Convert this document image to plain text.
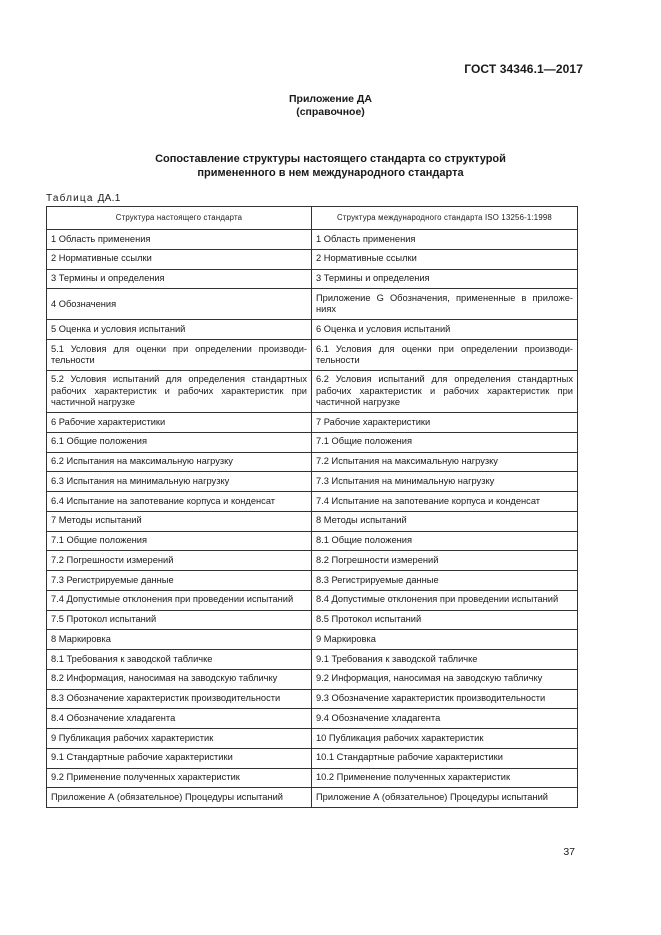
ГОСТ 34346.1—2017
Приложение ДА
(справочное)
Сопоставление структуры настоящего стандарта со структурой
примененного в нем международного стандарта
Таблица ДА.1
Структура настоящего стандарта	Структура международного стандарта ISO 13256-1:1998
1 Область применения	1 Область применения
2 Нормативные ссылки	2 Нормативные ссылки
3 Термины и определения	3 Термины и определения
4 Обозначения	Приложение G Обозначения, примененные в приложе-ниях
5 Оценка и условия испытаний	6 Оценка и условия испытаний
5.1 Условия для оценки при определении производи-тельности	6.1 Условия для оценки при определении производи-тельности
5.2 Условия испытаний для определения стандартных рабочих характеристик и рабочих характеристик при частичной нагрузке	6.2 Условия испытаний для определения стандартных рабочих характеристик и рабочих характеристик при частичной нагрузке
6 Рабочие характеристики	7 Рабочие характеристики
6.1 Общие положения	7.1 Общие положения
6.2 Испытания на максимальную нагрузку	7.2 Испытания на максимальную нагрузку
6.3 Испытания на минимальную нагрузку	7.3 Испытания на минимальную нагрузку
6.4 Испытание на запотевание корпуса и конденсат	7.4 Испытание на запотевание корпуса и конденсат
7 Методы испытаний	8 Методы испытаний
7.1 Общие положения	8.1 Общие положения
7.2 Погрешности измерений	8.2 Погрешности измерений
7.3 Регистрируемые данные	8.3 Регистрируемые данные
7.4 Допустимые отклонения при проведении испытаний	8.4 Допустимые отклонения при проведении испытаний
7.5 Протокол испытаний	8.5 Протокол испытаний
8 Маркировка	9 Маркировка
8.1 Требования к заводской табличке	9.1 Требования к заводской табличке
8.2 Информация, наносимая на заводскую табличку	9.2 Информация, наносимая на заводскую табличку
8.3 Обозначение характеристик производительности	9.3 Обозначение характеристик производительности
8.4 Обозначение хладагента	9.4 Обозначение хладагента
9 Публикация рабочих характеристик	10 Публикация рабочих характеристик
9.1 Стандартные рабочие характеристики	10.1 Стандартные рабочие характеристики
9.2 Применение полученных характеристик	10.2 Применение полученных характеристик
Приложение А (обязательное) Процедуры испытаний	Приложение А (обязательное) Процедуры испытаний
37
